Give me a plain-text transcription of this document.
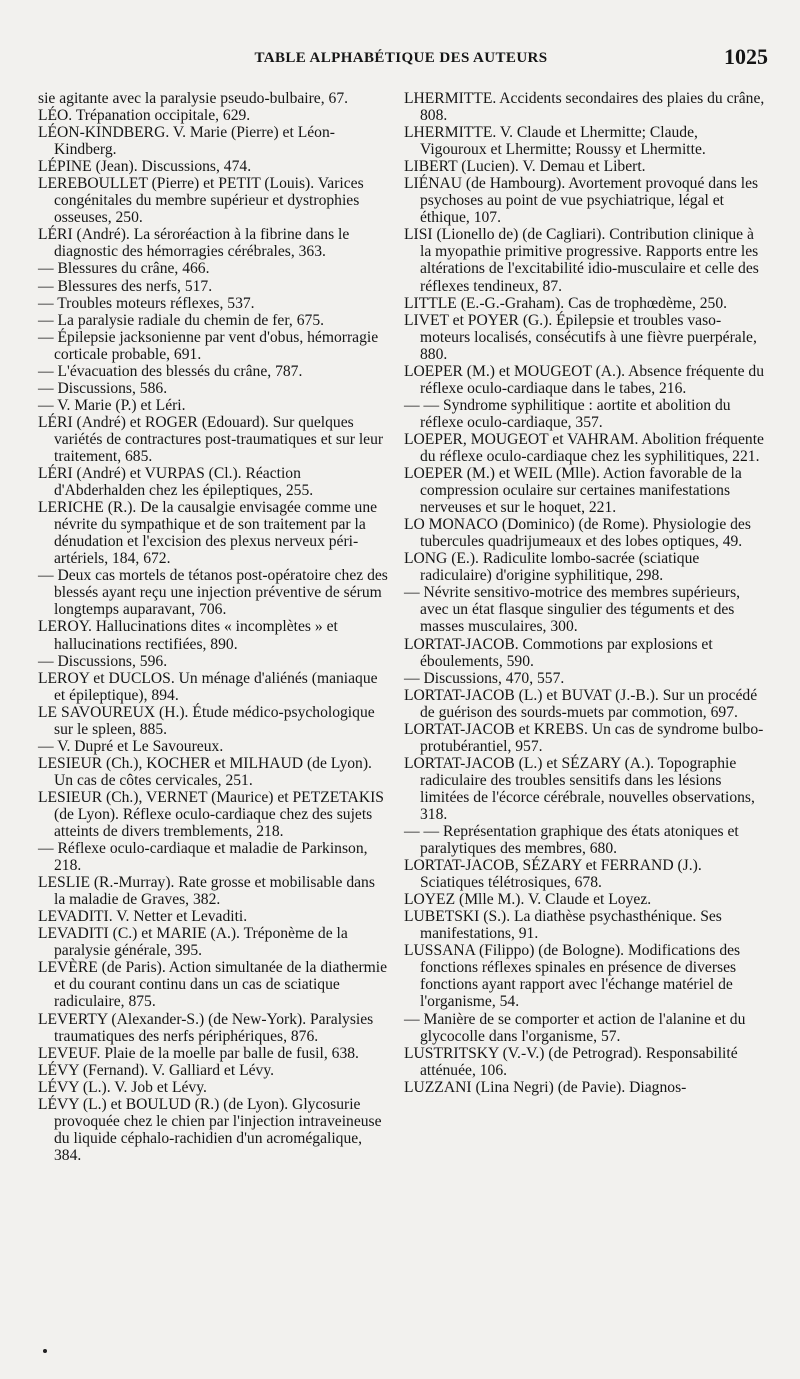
TABLE ALPHABÉTIQUE DES AUTEURS	1025

sie agitante avec la paralysie pseudo-bulbaire, 67.

LÉO. Trépanation occipitale, 629.

LÉON-KINDBERG. V. Marie (Pierre) et Léon-Kindberg.

LÉPINE (Jean). Discussions, 474.

LEREBOULLET (Pierre) et PETIT (Louis). Varices congénitales du membre supérieur et dystrophies osseuses, 250.

LÉRI (André). La séroréaction à la fibrine dans le diagnostic des hémorragies cérébrales, 363.

— Blessures du crâne, 466.

— Blessures des nerfs, 517.

— Troubles moteurs réflexes, 537.

— La paralysie radiale du chemin de fer, 675.

— Épilepsie jacksonienne par vent d'obus, hémorragie corticale probable, 691.

— L'évacuation des blessés du crâne, 787.

— Discussions, 586.

— V. Marie (P.) et Léri.

LÉRI (André) et ROGER (Edouard). Sur quelques variétés de contractures post-traumatiques et sur leur traitement, 685.

LÉRI (André) et VURPAS (Cl.). Réaction d'Abderhalden chez les épileptiques, 255.

LERICHE (R.). De la causalgie envisagée comme une névrite du sympathique et de son traitement par la dénudation et l'excision des plexus nerveux péri-artériels, 184, 672.

— Deux cas mortels de tétanos post-opératoire chez des blessés ayant reçu une injection préventive de sérum longtemps auparavant, 706.

LEROY. Hallucinations dites « incomplètes » et hallucinations rectifiées, 890.

— Discussions, 596.

LEROY et DUCLOS. Un ménage d'aliénés (maniaque et épileptique), 894.

LE SAVOUREUX (H.). Étude médico-psychologique sur le spleen, 885.

— V. Dupré et Le Savoureux.

LESIEUR (Ch.), KOCHER et MILHAUD (de Lyon). Un cas de côtes cervicales, 251.

LESIEUR (Ch.), VERNET (Maurice) et PETZETAKIS (de Lyon). Réflexe oculo-cardiaque chez des sujets atteints de divers tremblements, 218.

— Réflexe oculo-cardiaque et maladie de Parkinson, 218.

LESLIE (R.-Murray). Rate grosse et mobilisable dans la maladie de Graves, 382.

LEVADITI. V. Netter et Levaditi.

LEVADITI (C.) et MARIE (A.). Tréponème de la paralysie générale, 395.

LEVÈRE (de Paris). Action simultanée de la diathermie et du courant continu dans un cas de sciatique radiculaire, 875.

LEVERTY (Alexander-S.) (de New-York). Paralysies traumatiques des nerfs périphériques, 876.

LEVEUF. Plaie de la moelle par balle de fusil, 638.

LÉVY (Fernand). V. Galliard et Lévy.

LÉVY (L.). V. Job et Lévy.

LÉVY (L.) et BOULUD (R.) (de Lyon). Glycosurie provoquée chez le chien par l'injection intraveineuse du liquide céphalo-rachidien d'un acromégalique, 384.

LHERMITTE. Accidents secondaires des plaies du crâne, 808.

LHERMITTE. V. Claude et Lhermitte; Claude, Vigouroux et Lhermitte; Roussy et Lhermitte.

LIBERT (Lucien). V. Demau et Libert.

LIÉNAU (de Hambourg). Avortement provoqué dans les psychoses au point de vue psychiatrique, légal et éthique, 107.

LISI (Lionello de) (de Cagliari). Contribution clinique à la myopathie primitive progressive. Rapports entre les altérations de l'excitabilité idio-musculaire et celle des réflexes tendineux, 87.

LITTLE (E.-G.-Graham). Cas de trophœdème, 250.

LIVET et POYER (G.). Épilepsie et troubles vaso-moteurs localisés, consécutifs à une fièvre puerpérale, 880.

LOEPER (M.) et MOUGEOT (A.). Absence fréquente du réflexe oculo-cardiaque dans le tabes, 216.

— — Syndrome syphilitique : aortite et abolition du réflexe oculo-cardiaque, 357.

LOEPER, MOUGEOT et VAHRAM. Abolition fréquente du réflexe oculo-cardiaque chez les syphilitiques, 221.

LOEPER (M.) et WEIL (Mlle). Action favorable de la compression oculaire sur certaines manifestations nerveuses et sur le hoquet, 221.

LO MONACO (Dominico) (de Rome). Physiologie des tubercules quadrijumeaux et des lobes optiques, 49.

LONG (E.). Radiculite lombo-sacrée (sciatique radiculaire) d'origine syphilitique, 298.

— Névrite sensitivo-motrice des membres supérieurs, avec un état flasque singulier des téguments et des masses musculaires, 300.

LORTAT-JACOB. Commotions par explosions et éboulements, 590.

— Discussions, 470, 557.

LORTAT-JACOB (L.) et BUVAT (J.-B.). Sur un procédé de guérison des sourds-muets par commotion, 697.

LORTAT-JACOB et KREBS. Un cas de syndrome bulbo-protubérantiel, 957.

LORTAT-JACOB (L.) et SÉZARY (A.). Topographie radiculaire des troubles sensitifs dans les lésions limitées de l'écorce cérébrale, nouvelles observations, 318.

— — Représentation graphique des états atoniques et paralytiques des membres, 680.

LORTAT-JACOB, SÉZARY et FERRAND (J.). Sciatiques télétrosiques, 678.

LOYEZ (Mlle M.). V. Claude et Loyez.

LUBETSKI (S.). La diathèse psychasthénique. Ses manifestations, 91.

LUSSANA (Filippo) (de Bologne). Modifications des fonctions réflexes spinales en présence de diverses fonctions ayant rapport avec l'échange matériel de l'organisme, 54.

— Manière de se comporter et action de l'alanine et du glycocolle dans l'organisme, 57.

LUSTRITSKY (V.-V.) (de Petrograd). Responsabilité atténuée, 106.

LUZZANI (Lina Negri) (de Pavie). Diagnos-
